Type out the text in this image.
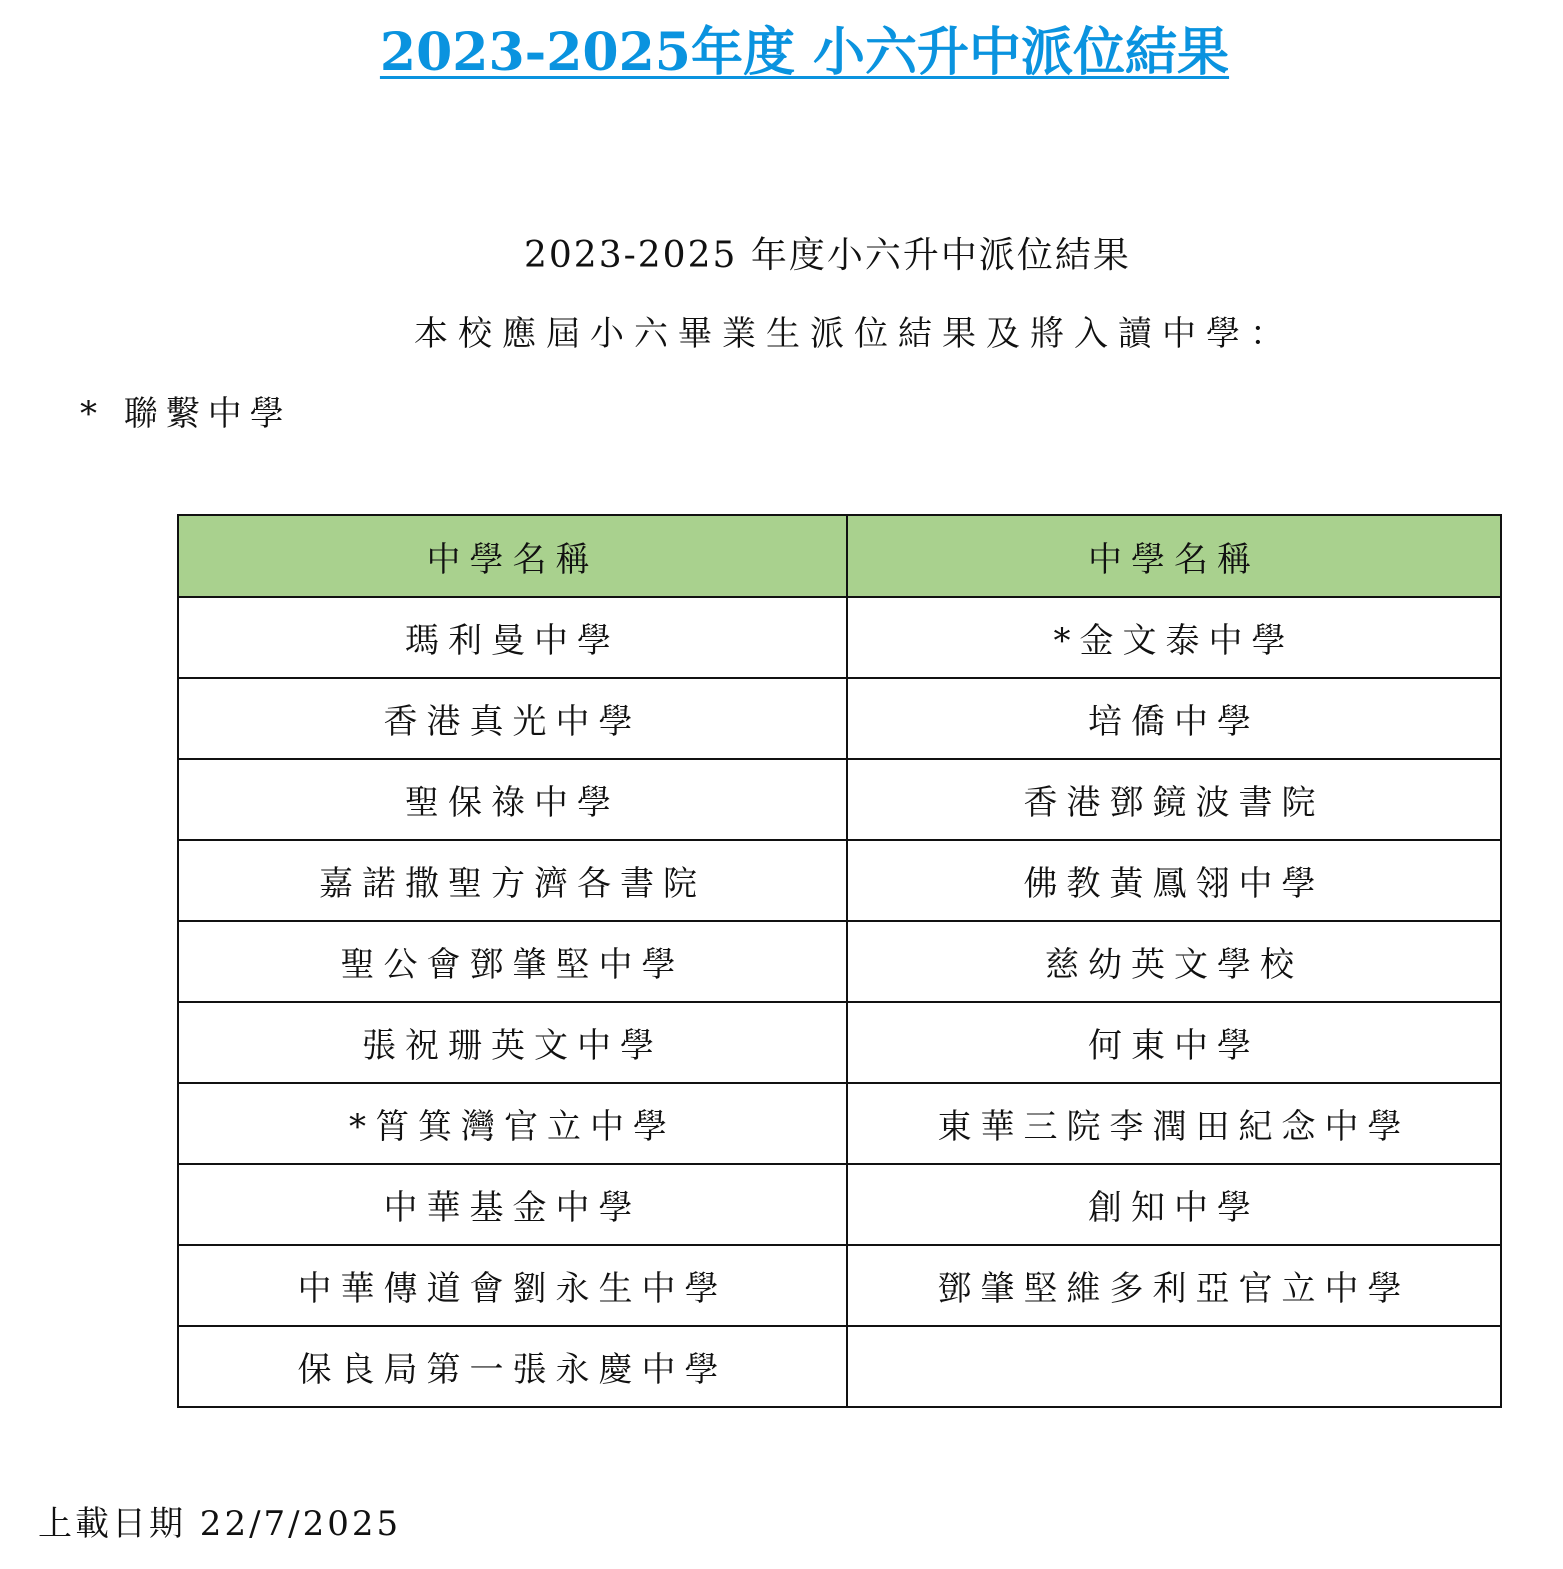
2023-2025年度 小六升中派位結果
2023-2025 年度小六升中派位結果
本校應屆小六畢業生派位結果及將入讀中學：
* 聯繫中學
中學名稱	中學名稱
瑪利曼中學	*金文泰中學
香港真光中學	培僑中學
聖保祿中學	香港鄧鏡波書院
嘉諾撒聖方濟各書院	佛教黃鳳翎中學
聖公會鄧肇堅中學	慈幼英文學校
張祝珊英文中學	何東中學
*筲箕灣官立中學	東華三院李潤田紀念中學
中華基金中學	創知中學
中華傳道會劉永生中學	鄧肇堅維多利亞官立中學
保良局第一張永慶中學	
上載日期 22/7/2025
